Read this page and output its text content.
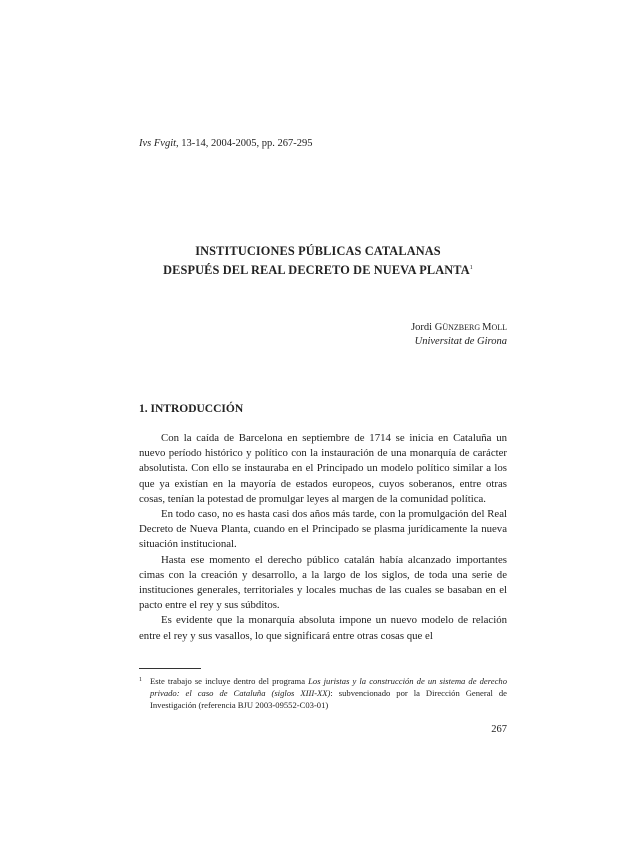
Ivs Fvgit, 13-14, 2004-2005, pp. 267-295
INSTITUCIONES PÚBLICAS CATALANAS
DESPUÉS DEL REAL DECRETO DE NUEVA PLANTA$^1$
Jordi GÜNZBERG MOLL
Universitat de Girona
1. INTRODUCCIÓN

Con la caída de Barcelona en septiembre de 1714 se inicia en Cataluña un nuevo período histórico y político con la instauración de una monarquía de carácter absolutista. Con ello se instauraba en el Principado un modelo político similar a los que ya existían en la mayoría de estados europeos, cuyos soberanos, entre otras cosas, tenían la potestad de promulgar leyes al margen de la comunidad política.

En todo caso, no es hasta casi dos años más tarde, con la promulgación del Real Decreto de Nueva Planta, cuando en el Principado se plasma jurídicamente la nueva situación institucional.

Hasta ese momento el derecho público catalán había alcanzado importantes cimas con la creación y desarrollo, a la largo de los siglos, de toda una serie de instituciones generales, territoriales y locales muchas de las cuales se basaban en el pacto entre el rey y sus súbditos.

Es evidente que la monarquía absoluta impone un nuevo modelo de relación entre el rey y sus vasallos, lo que significará entre otras cosas que el

1 Este trabajo se incluye dentro del programa Los juristas y la construcción de un sistema de derecho privado: el caso de Cataluña (siglos XIII-XX): subvencionado por la Dirección General de Investigación (referencia BJU 2003-09552-C03-01)
267
